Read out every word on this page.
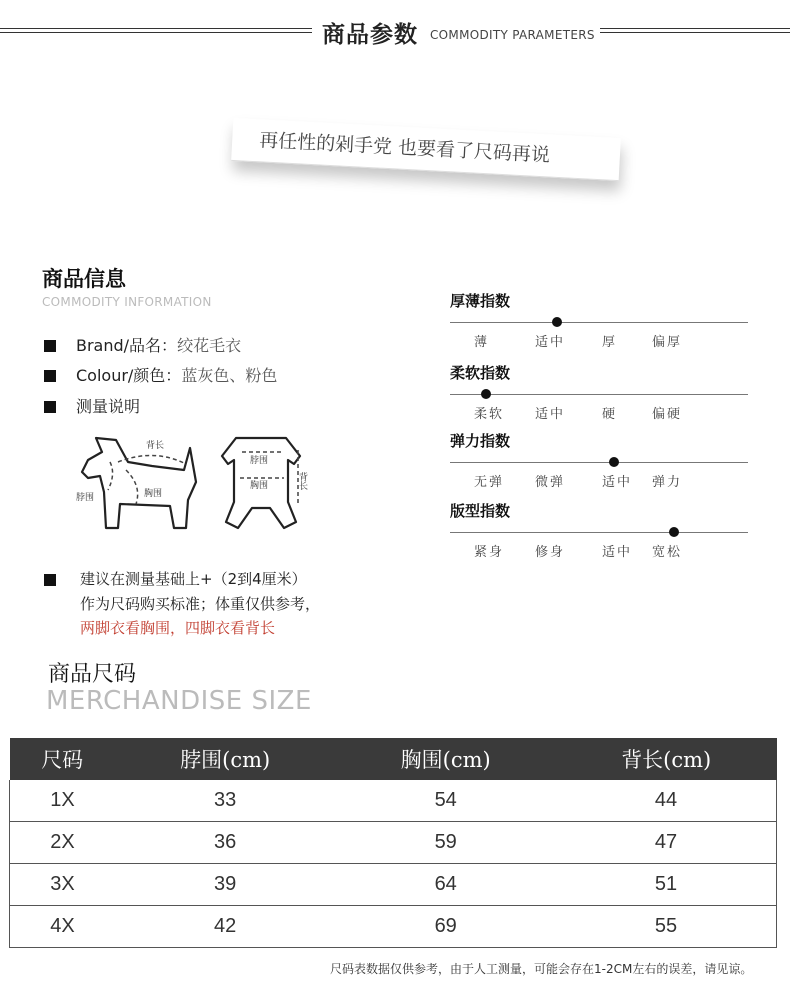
商品参数 COMMODITY PARAMETERS
再任性的剁手党 也要看了尺码再说
商品信息
COMMODITY INFORMATION
Brand/品名：绞花毛衣
Colour/颜色：蓝灰色、粉色
测量说明
背长
脖围	胸围
脖围
胸围	背长
厚薄指数
薄	适中	厚	偏厚
柔软指数
柔软 适中	硬	偏硬
弹力指数
无弹 微弹	适中 弹力
版型指数
紧身 修身	适中 宽松
建议在测量基础上+（2到4厘米）
作为尺码购买标准；体重仅供参考，
两脚衣看胸围，四脚衣看背长
商品尺码
MERCHANDISE SIZE
尺码	脖围(cm)	胸围(cm)	背长(cm)
1X	33	54	44
2X	36	59	47
3X	39	64	51
4X	42	69	55
尺码表数据仅供参考，由于人工测量，可能会存在1-2CM左右的误差，请见谅。
